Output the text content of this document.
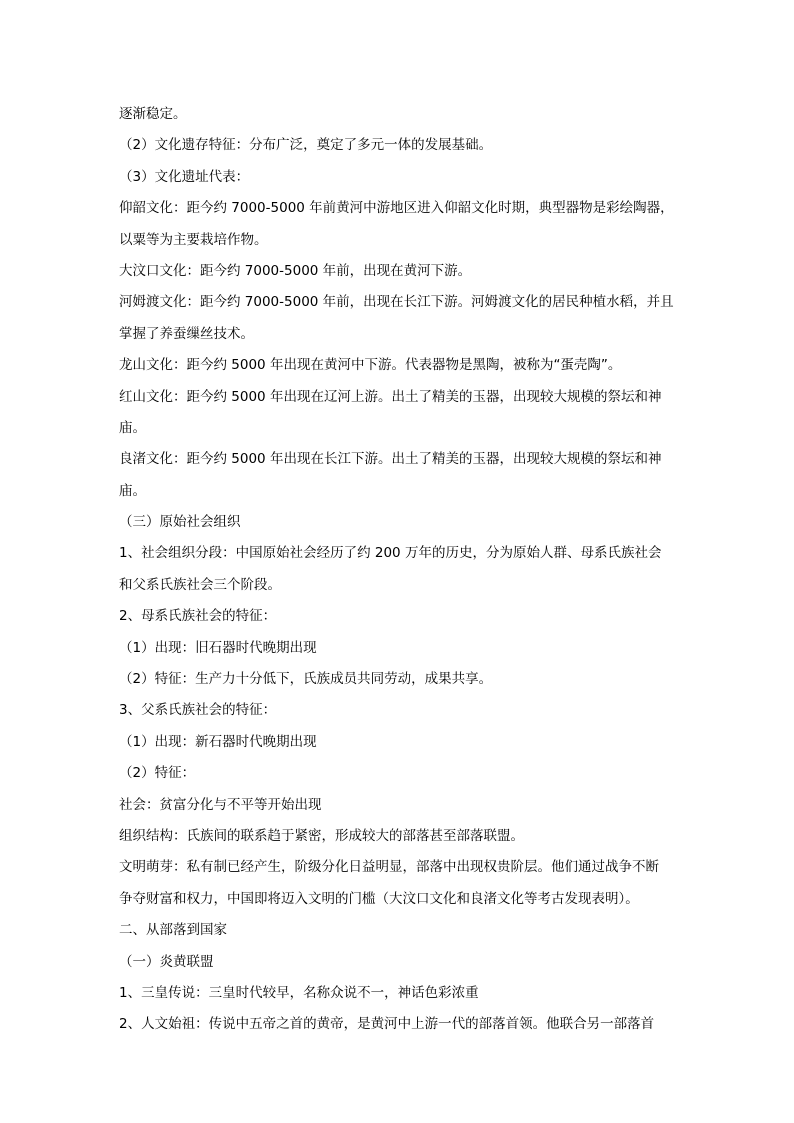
逐渐稳定。
（2）文化遗存特征：分布广泛，奠定了多元一体的发展基础。
（3）文化遗址代表：
仰韶文化：距今约 7000-5000 年前黄河中游地区进入仰韶文化时期，典型器物是彩绘陶器，
以粟等为主要栽培作物。
大汶口文化：距今约 7000-5000 年前，出现在黄河下游。
河姆渡文化：距今约 7000-5000 年前，出现在长江下游。河姆渡文化的居民种植水稻，并且
掌握了养蚕缫丝技术。
龙山文化：距今约 5000 年出现在黄河中下游。代表器物是黑陶，被称为“蛋壳陶”。
红山文化：距今约 5000 年出现在辽河上游。出土了精美的玉器，出现较大规模的祭坛和神
庙。
良渚文化：距今约 5000 年出现在长江下游。出土了精美的玉器，出现较大规模的祭坛和神
庙。
（三）原始社会组织
1、社会组织分段：中国原始社会经历了约 200 万年的历史，分为原始人群、母系氏族社会
和父系氏族社会三个阶段。
2、母系氏族社会的特征：
（1）出现：旧石器时代晚期出现
（2）特征：生产力十分低下，氏族成员共同劳动，成果共享。
3、父系氏族社会的特征：
（1）出现：新石器时代晚期出现
（2）特征：
社会：贫富分化与不平等开始出现
组织结构：氏族间的联系趋于紧密，形成较大的部落甚至部落联盟。
文明萌芽：私有制已经产生，阶级分化日益明显，部落中出现权贵阶层。他们通过战争不断
争夺财富和权力，中国即将迈入文明的门槛（大汶口文化和良渚文化等考古发现表明）。
二、从部落到国家
（一）炎黄联盟
1、三皇传说：三皇时代较早，名称众说不一，神话色彩浓重
2、人文始祖：传说中五帝之首的黄帝，是黄河中上游一代的部落首领。他联合另一部落首
